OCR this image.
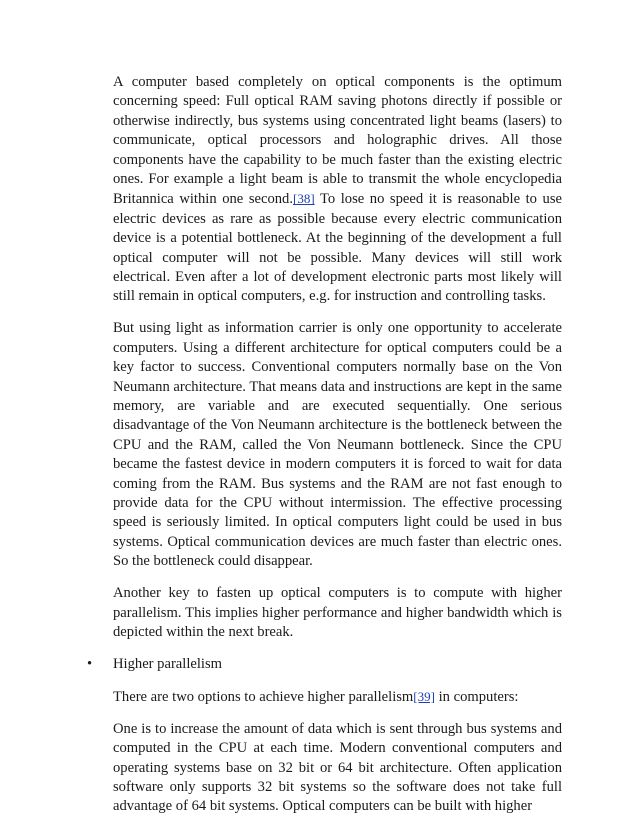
A computer based completely on optical components is the optimum concerning speed: Full optical RAM saving photons directly if possible or otherwise indirectly, bus systems using concentrated light beams (lasers) to communicate, optical processors and holographic drives. All those components have the capability to be much faster than the existing electric ones. For example a light beam is able to transmit the whole encyclopedia Britannica within one second.[38] To lose no speed it is reasonable to use electric devices as rare as possible because every electric communication device is a potential bottleneck. At the beginning of the development a full optical computer will not be possible. Many devices will still work electrical. Even after a lot of development electronic parts most likely will still remain in optical computers, e.g. for instruction and controlling tasks.

But using light as information carrier is only one opportunity to accelerate computers. Using a different architecture for optical computers could be a key factor to success. Conventional computers normally base on the Von Neumann architecture. That means data and instructions are kept in the same memory, are variable and are executed sequentially. One serious disadvantage of the Von Neumann architecture is the bottleneck between the CPU and the RAM, called the Von Neumann bottleneck. Since the CPU became the fastest device in modern computers it is forced to wait for data coming from the RAM. Bus systems and the RAM are not fast enough to provide data for the CPU without intermission. The effective processing speed is seriously limited. In optical computers light could be used in bus systems. Optical communication devices are much faster than electric ones. So the bottleneck could disappear.

Another key to fasten up optical computers is to compute with higher parallelism. This implies higher performance and higher bandwidth which is depicted within the next break.

• Higher parallelism

There are two options to achieve higher parallelism[39] in computers:

One is to increase the amount of data which is sent through bus systems and computed in the CPU at each time. Modern conventional computers and operating systems base on 32 bit or 64 bit architecture. Often application software only supports 32 bit systems so the software does not take full advantage of 64 bit systems. Optical computers can be built with higher
